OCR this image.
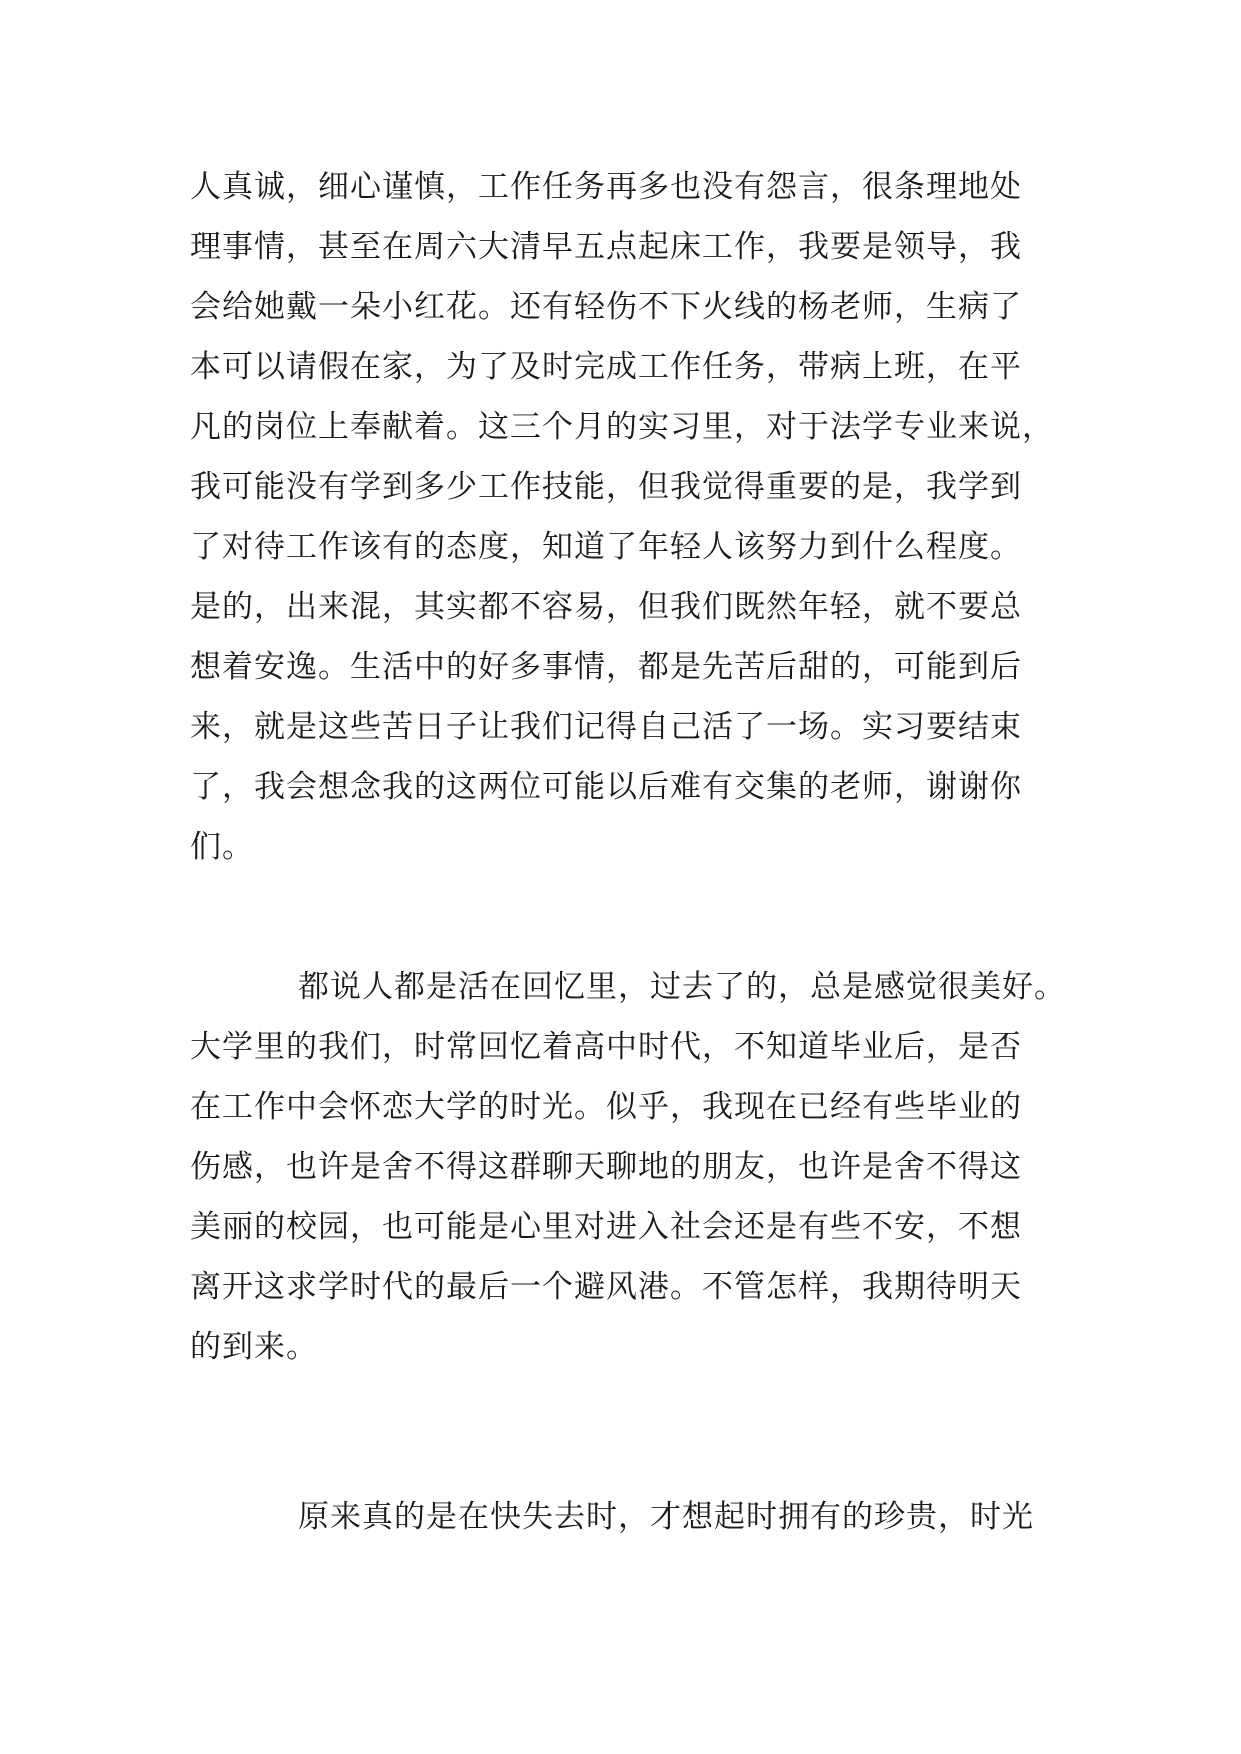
人真诚，细心谨慎，工作任务再多也没有怨言，很条理地处
理事情，甚至在周六大清早五点起床工作，我要是领导，我
会给她戴一朵小红花。还有轻伤不下火线的杨老师，生病了
本可以请假在家，为了及时完成工作任务，带病上班，在平
凡的岗位上奉献着。这三个月的实习里，对于法学专业来说，
我可能没有学到多少工作技能，但我觉得重要的是，我学到
了对待工作该有的态度，知道了年轻人该努力到什么程度。
是的，出来混，其实都不容易，但我们既然年轻，就不要总
想着安逸。生活中的好多事情，都是先苦后甜的，可能到后
来，就是这些苦日子让我们记得自己活了一场。实习要结束
了，我会想念我的这两位可能以后难有交集的老师，谢谢你
们。
都说人都是活在回忆里，过去了的，总是感觉很美好。
大学里的我们，时常回忆着高中时代，不知道毕业后，是否
在工作中会怀恋大学的时光。似乎，我现在已经有些毕业的
伤感，也许是舍不得这群聊天聊地的朋友，也许是舍不得这
美丽的校园，也可能是心里对进入社会还是有些不安，不想
离开这求学时代的最后一个避风港。不管怎样，我期待明天
的到来。
原来真的是在快失去时，才想起时拥有的珍贵，时光
